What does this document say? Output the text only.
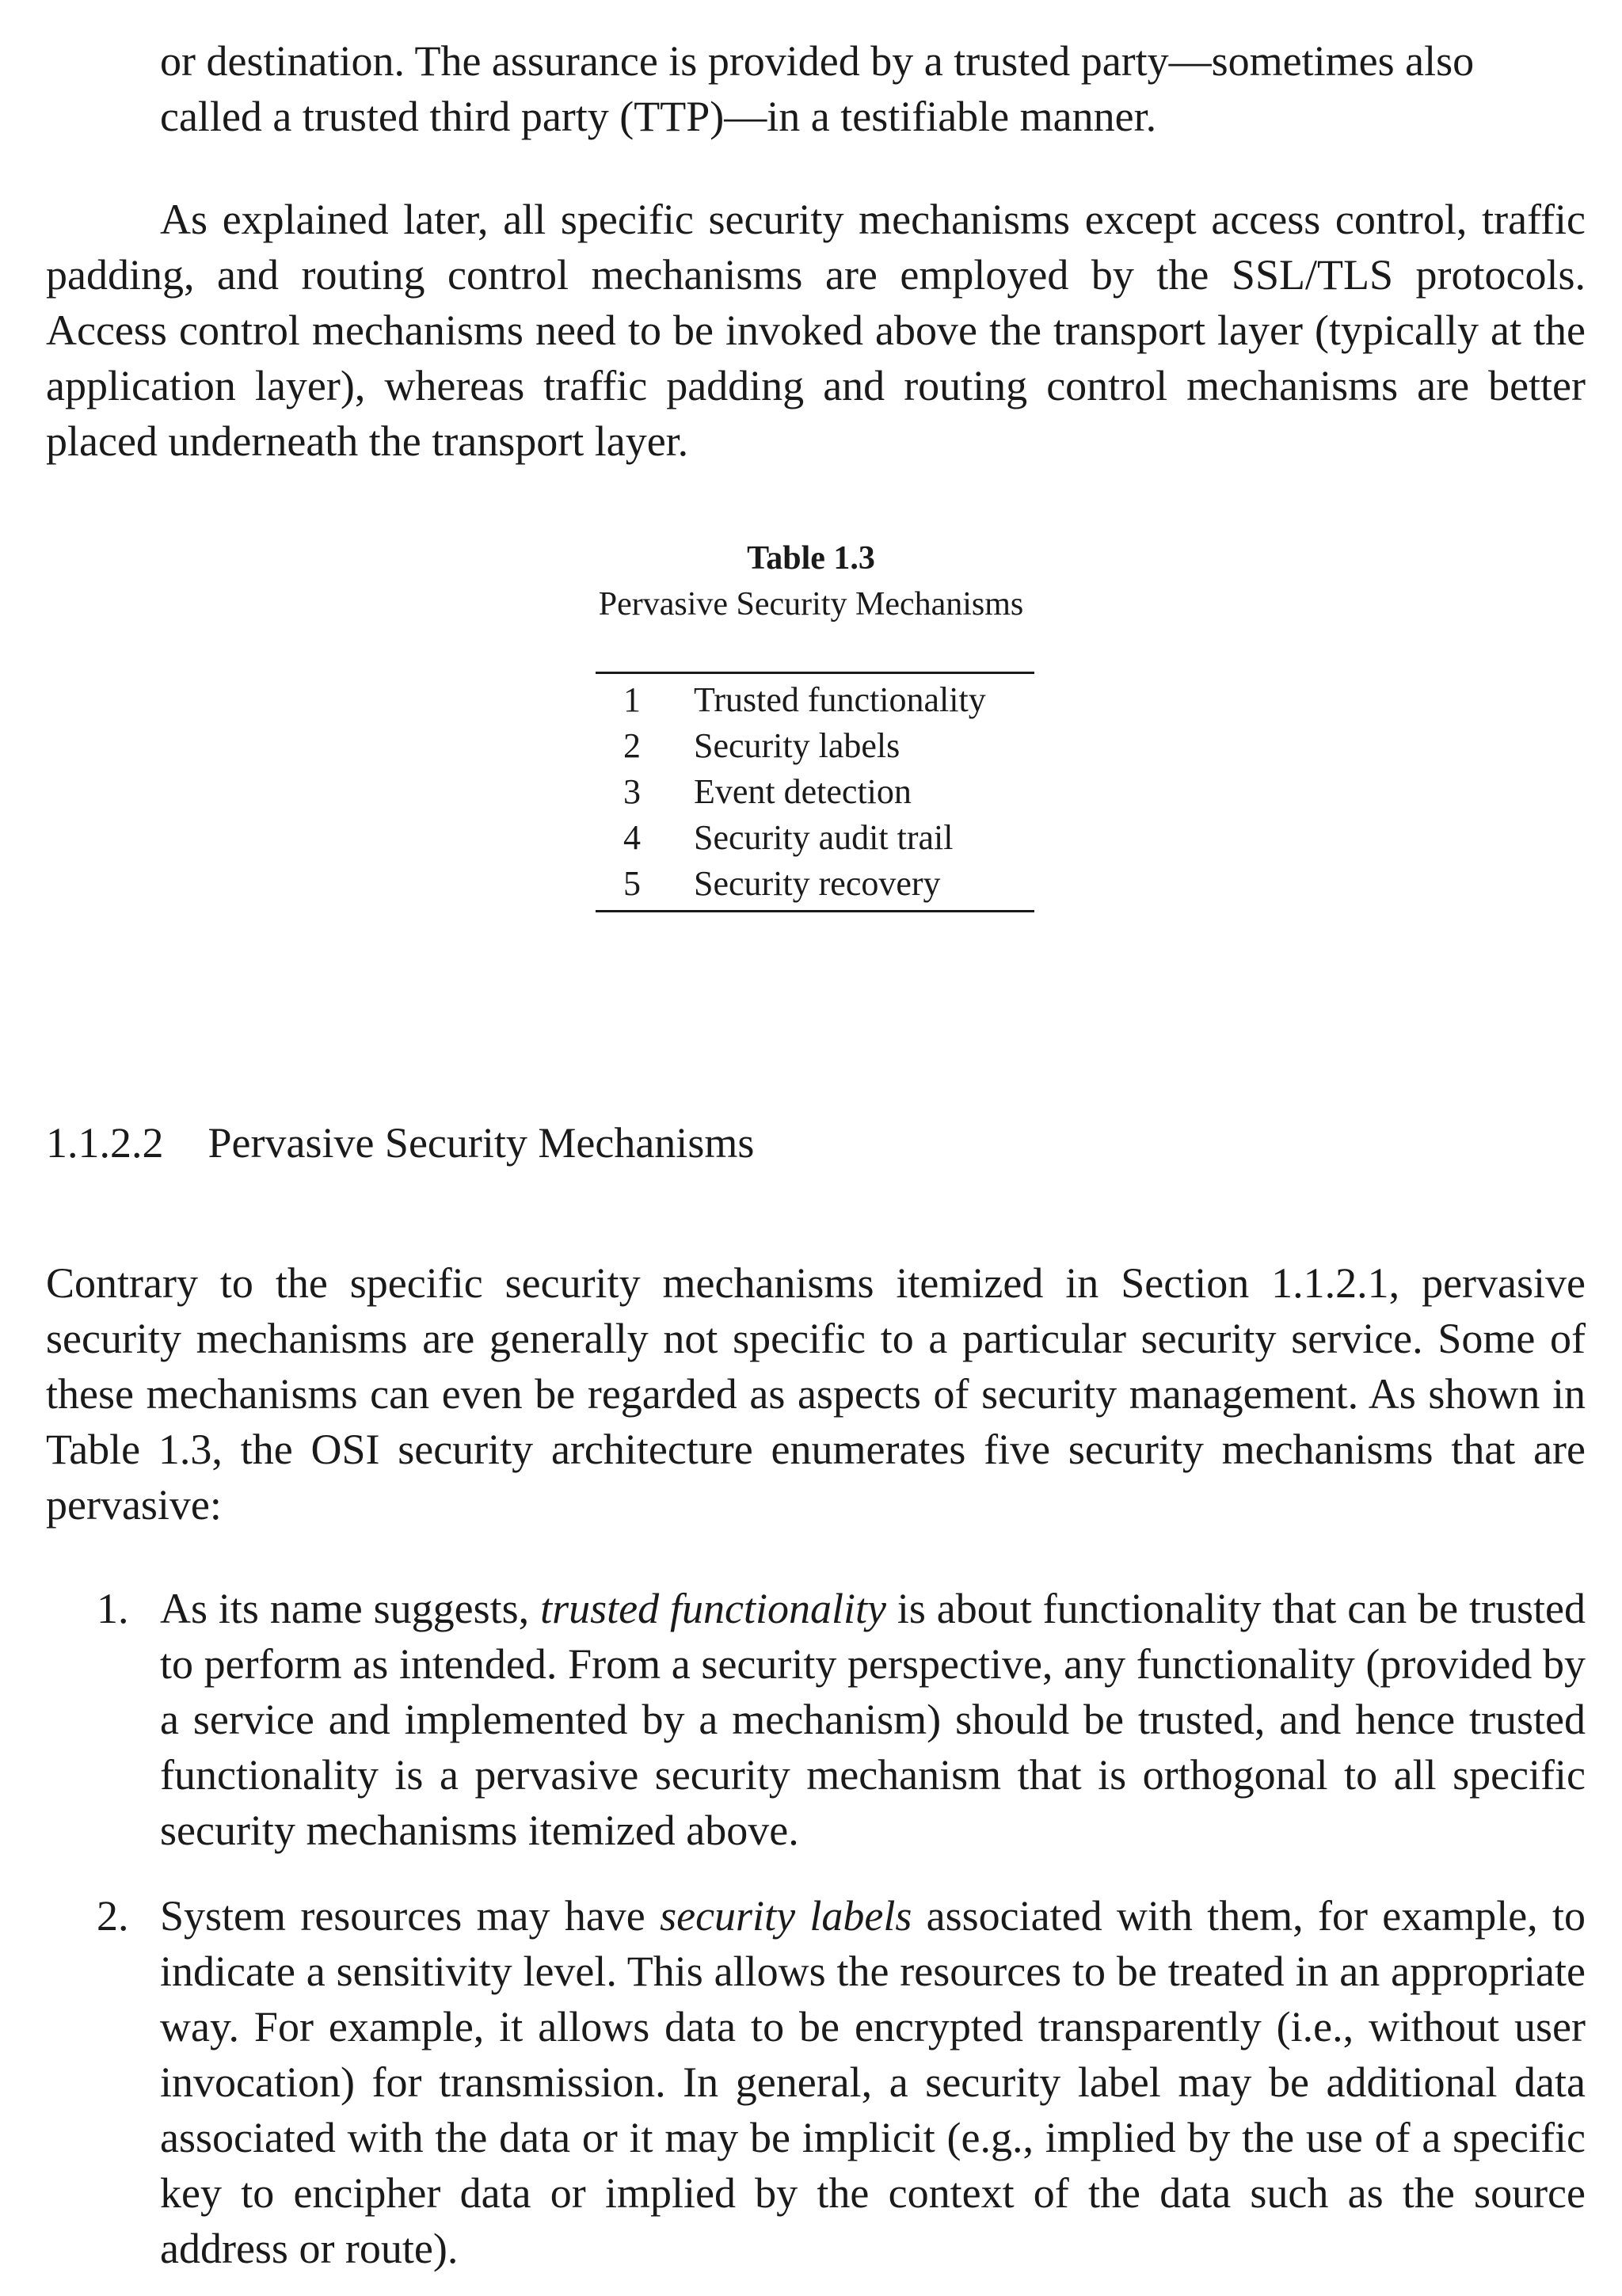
or destination. The assurance is provided by a trusted party—sometimes also called a trusted third party (TTP)—in a testifiable manner.

As explained later, all specific security mechanisms except access control, traffic padding, and routing control mechanisms are employed by the SSL/TLS protocols. Access control mechanisms need to be invoked above the transport layer (typically at the application layer), whereas traffic padding and routing control mechanisms are better placed underneath the transport layer.

Table 1.3
Pervasive Security Mechanisms
1	Trusted functionality
2	Security labels
3	Event detection
4	Security audit trail
5	Security recovery
1.1.2.2 Pervasive Security Mechanisms

Contrary to the specific security mechanisms itemized in Section 1.1.2.1, pervasive security mechanisms are generally not specific to a particular security service. Some of these mechanisms can even be regarded as aspects of security management. As shown in Table 1.3, the OSI security architecture enumerates five security mechanisms that are pervasive:

1. As its name suggests, trusted functionality is about functionality that can be trusted to perform as intended. From a security perspective, any functionality (provided by a service and implemented by a mechanism) should be trusted, and hence trusted functionality is a pervasive security mechanism that is orthogonal to all specific security mechanisms itemized above.
2. System resources may have security labels associated with them, for example, to indicate a sensitivity level. This allows the resources to be treated in an appropriate way. For example, it allows data to be encrypted transparently (i.e., without user invocation) for transmission. In general, a security label may be additional data associated with the data or it may be implicit (e.g., implied by the use of a specific key to encipher data or implied by the context of the data such as the source address or route).
